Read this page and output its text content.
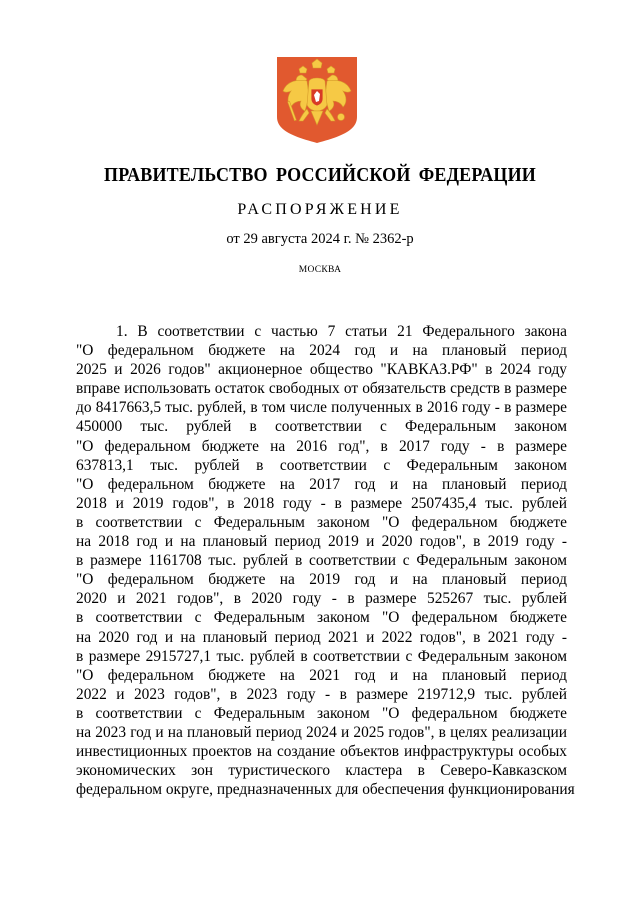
ПРАВИТЕЛЬСТВО РОССИЙСКОЙ ФЕДЕРАЦИИ
РАСПОРЯЖЕНИЕ
от 29 августа 2024 г. № 2362-р
МОСКВА
1. В соответствии с частью 7 статьи 21 Федерального закона
"О федеральном бюджете на 2024 год и на плановый период
2025 и 2026 годов" акционерное общество "КАВКАЗ.РФ" в 2024 году
вправе использовать остаток свободных от обязательств средств в размере
до 8417663,5 тыс. рублей, в том числе полученных в 2016 году - в размере
450000 тыс. рублей в соответствии с Федеральным законом
"О федеральном бюджете на 2016 год", в 2017 году - в размере
637813,1 тыс. рублей в соответствии с Федеральным законом
"О федеральном бюджете на 2017 год и на плановый период
2018 и 2019 годов", в 2018 году - в размере 2507435,4 тыс. рублей
в соответствии с Федеральным законом "О федеральном бюджете
на 2018 год и на плановый период 2019 и 2020 годов", в 2019 году -
в размере 1161708 тыс. рублей в соответствии с Федеральным законом
"О федеральном бюджете на 2019 год и на плановый период
2020 и 2021 годов", в 2020 году - в размере 525267 тыс. рублей
в соответствии с Федеральным законом "О федеральном бюджете
на 2020 год и на плановый период 2021 и 2022 годов", в 2021 году -
в размере 2915727,1 тыс. рублей в соответствии с Федеральным законом
"О федеральном бюджете на 2021 год и на плановый период
2022 и 2023 годов", в 2023 году - в размере 219712,9 тыс. рублей
в соответствии с Федеральным законом "О федеральном бюджете
на 2023 год и на плановый период 2024 и 2025 годов", в целях реализации
инвестиционных проектов на создание объектов инфраструктуры особых
экономических зон туристического кластера в Северо-Кавказском
федеральном округе, предназначенных для обеспечения функционирования
